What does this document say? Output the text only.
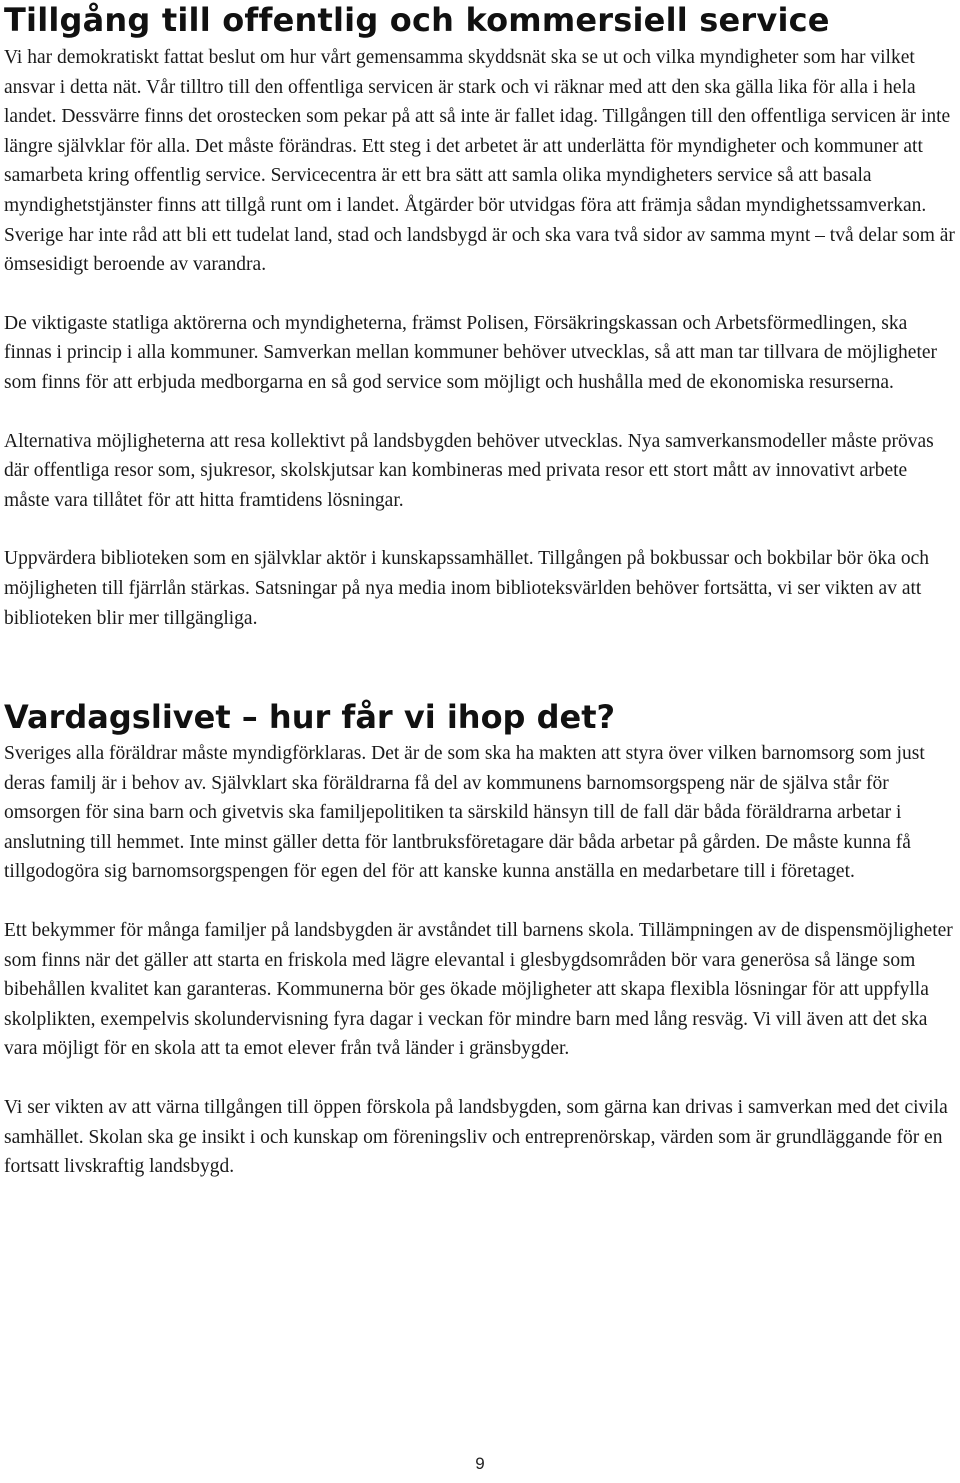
Tillgång till offentlig och kommersiell service

Vi har demokratiskt fattat beslut om hur vårt gemensamma skyddsnät ska se ut och vilka myndigheter som har vilket ansvar i detta nät. Vår tilltro till den offentliga servicen är stark och vi räknar med att den ska gälla lika för alla i hela landet. Dessvärre finns det orostecken som pekar på att så inte är fallet idag. Tillgången till den offentliga servicen är inte längre självklar för alla. Det måste förändras. Ett steg i det arbetet är att underlätta för myndigheter och kommuner att samarbeta kring offentlig service. Servicecentra är ett bra sätt att samla olika myndigheters service så att basala myndighetstjänster finns att tillgå runt om i landet. Åtgärder bör utvidgas föra att främja sådan myndighetssamverkan. Sverige har inte råd att bli ett tudelat land, stad och landsbygd är och ska vara två sidor av samma mynt – två delar som är ömsesidigt beroende av varandra.

De viktigaste statliga aktörerna och myndigheterna, främst Polisen, Försäkringskassan och Arbetsförmedlingen, ska finnas i princip i alla kommuner. Samverkan mellan kommuner behöver utvecklas, så att man tar tillvara de möjligheter som finns för att erbjuda medborgarna en så god service som möjligt och hushålla med de ekonomiska resurserna.

Alternativa möjligheterna att resa kollektivt på landsbygden behöver utvecklas. Nya samverkansmodeller måste prövas där offentliga resor som, sjukresor, skolskjutsar kan kombineras med privata resor ett stort mått av innovativt arbete måste vara tillåtet för att hitta framtidens lösningar.

Uppvärdera biblioteken som en självklar aktör i kunskapssamhället. Tillgången på bokbussar och bokbilar bör öka och möjligheten till fjärrlån stärkas. Satsningar på nya media inom biblioteksvärlden behöver fortsätta, vi ser vikten av att biblioteken blir mer tillgängliga.

Vardagslivet – hur får vi ihop det?

Sveriges alla föräldrar måste myndigförklaras. Det är de som ska ha makten att styra över vilken barnomsorg som just deras familj är i behov av. Självklart ska föräldrarna få del av kommunens barnomsorgspeng när de själva står för omsorgen för sina barn och givetvis ska familjepolitiken ta särskild hänsyn till de fall där båda föräldrarna arbetar i anslutning till hemmet. Inte minst gäller detta för lantbruksföretagare där båda arbetar på gården. De måste kunna få tillgodogöra sig barnomsorgspengen för egen del för att kanske kunna anställa en medarbetare till i företaget.

Ett bekymmer för många familjer på landsbygden är avståndet till barnens skola. Tillämpningen av de dispensmöjligheter som finns när det gäller att starta en friskola med lägre elevantal i glesbygdsområden bör vara generösa så länge som bibehållen kvalitet kan garanteras. Kommunerna bör ges ökade möjligheter att skapa flexibla lösningar för att uppfylla skolplikten, exempelvis skolundervisning fyra dagar i veckan för mindre barn med lång resväg. Vi vill även att det ska vara möjligt för en skola att ta emot elever från två länder i gränsbygder.

Vi ser vikten av att värna tillgången till öppen förskola på landsbygden, som gärna kan drivas i samverkan med det civila samhället. Skolan ska ge insikt i och kunskap om föreningsliv och entreprenörskap, värden som är grundläggande för en fortsatt livskraftig landsbygd.

9
